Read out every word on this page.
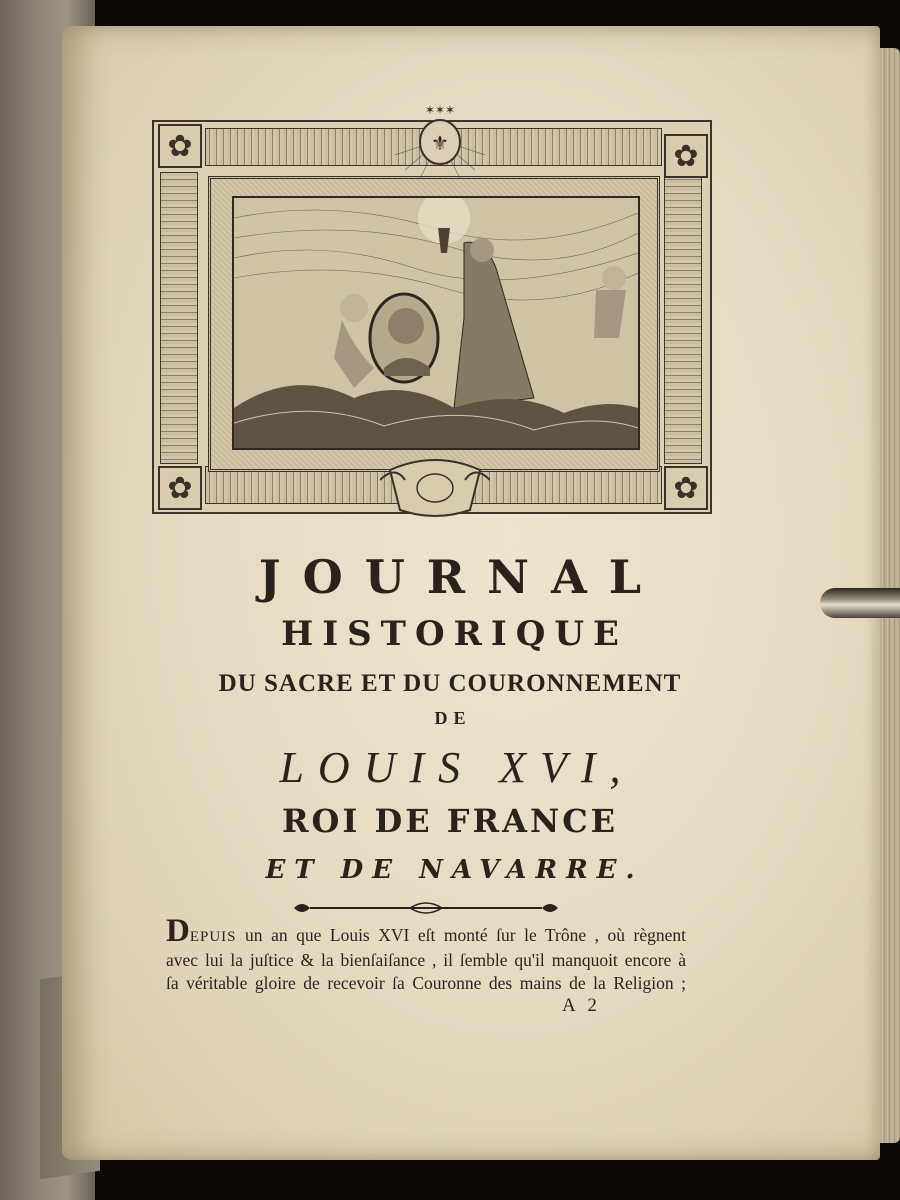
✿	✿
✿	✿
✶✶✶
⚜
JOURNAL
HISTORIQUE
DU SACRE ET DU COURONNEMENT
DE
LOUIS XVI,
ROI DE FRANCE
ET DE NAVARRE.
DEPUIS un an que Louis XVI eſt monté ſur le Trône , où règnent
avec lui la juſtice & la bienſaiſance , il ſemble qu'il manquoit encore à
ſa véritable gloire de recevoir ſa Couronne des mains de la Religion ;
A 2
